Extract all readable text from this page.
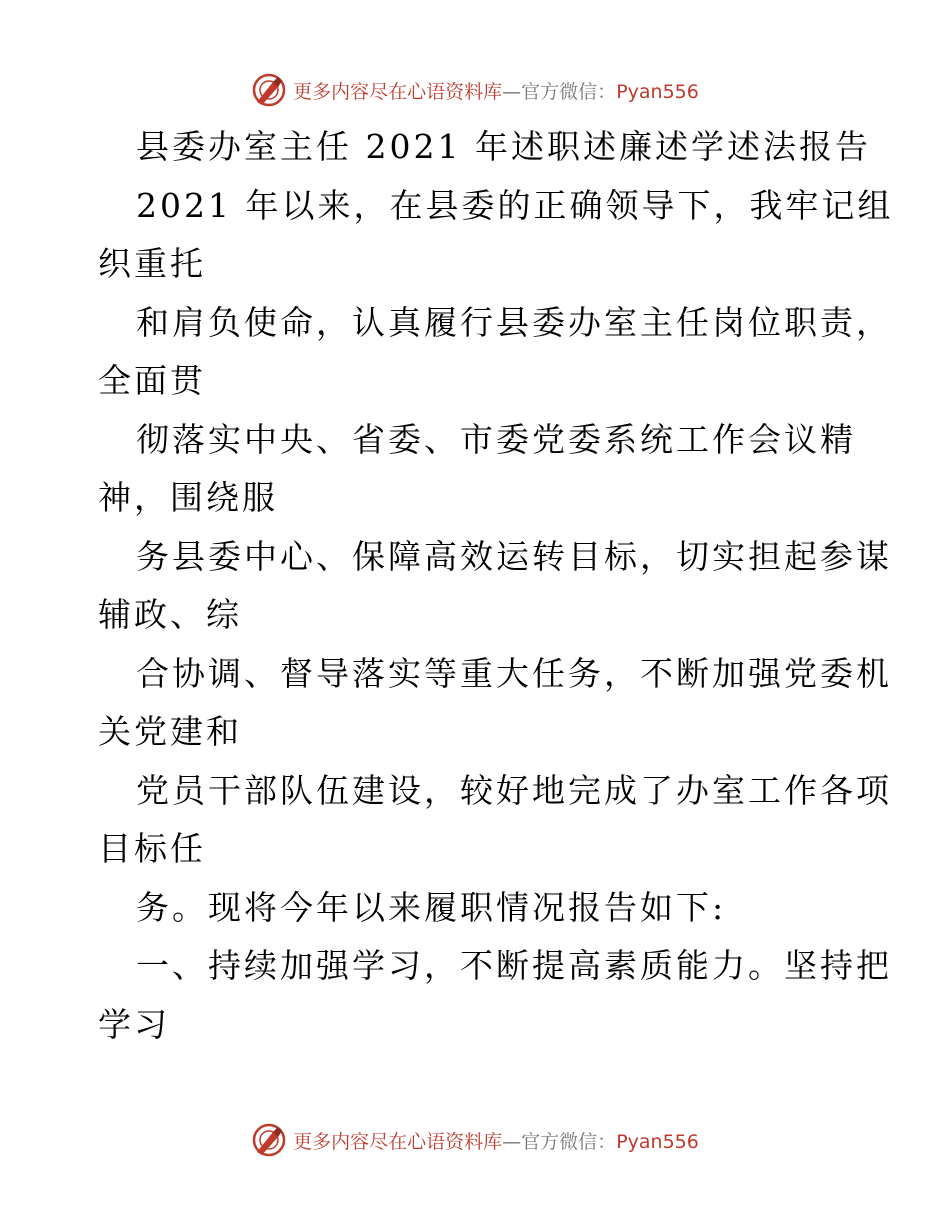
更多内容尽在心语资料库—官方微信：Pyan556
县委办室主任 2021 年述职述廉述学述法报告
2021 年以来，在县委的正确领导下，我牢记组
织重托
和肩负使命，认真履行县委办室主任岗位职责，
全面贯
彻落实中央、省委、市委党委系统工作会议精
神，围绕服
务县委中心、保障高效运转目标，切实担起参谋
辅政、综
合协调、督导落实等重大任务，不断加强党委机
关党建和
党员干部队伍建设，较好地完成了办室工作各项
目标任
务。现将今年以来履职情况报告如下:
一、持续加强学习，不断提高素质能力。坚持把
学习
更多内容尽在心语资料库—官方微信：Pyan556
